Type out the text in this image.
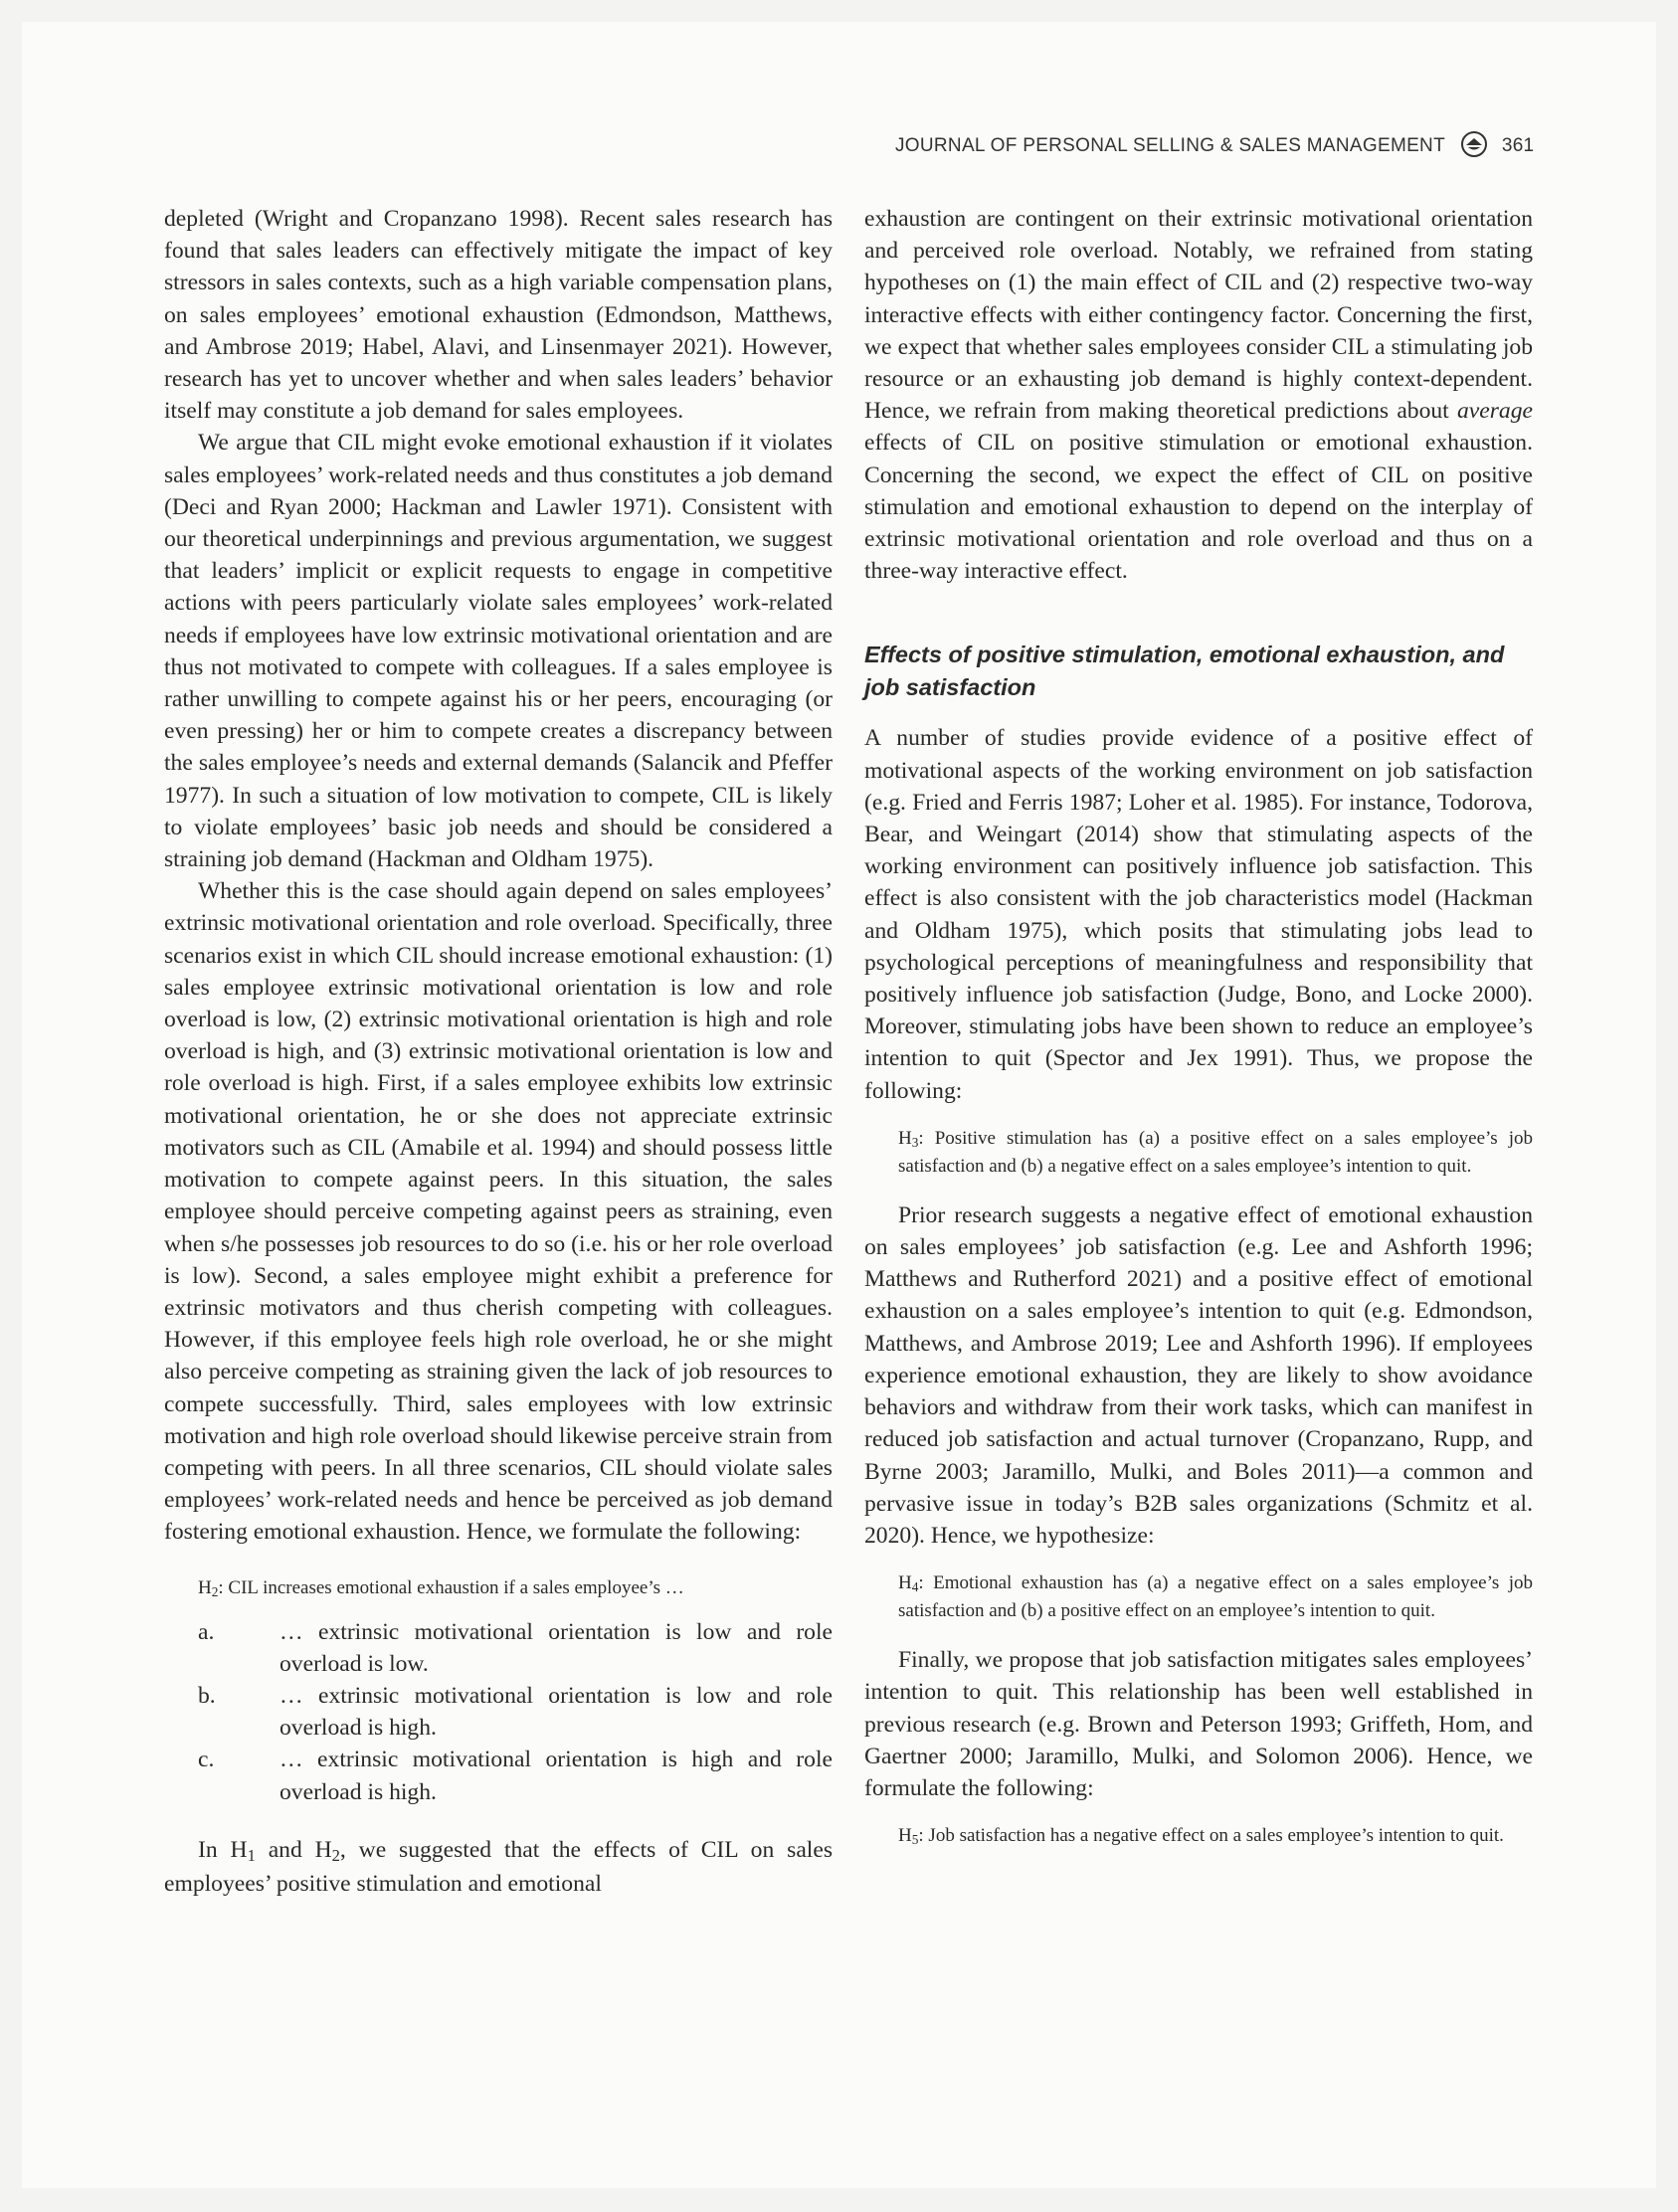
JOURNAL OF PERSONAL SELLING & SALES MANAGEMENT	361

depleted (Wright and Cropanzano 1998). Recent sales research has found that sales leaders can effectively mitigate the impact of key stressors in sales contexts, such as a high variable compensation plans, on sales employees’ emotional exhaustion (Edmondson, Matthews, and Ambrose 2019; Habel, Alavi, and Linsenmayer 2021). However, research has yet to uncover whether and when sales leaders’ behavior itself may constitute a job demand for sales employees.

We argue that CIL might evoke emotional exhaustion if it violates sales employees’ work-related needs and thus constitutes a job demand (Deci and Ryan 2000; Hackman and Lawler 1971). Consistent with our theoretical underpinnings and previous argumentation, we suggest that leaders’ implicit or explicit requests to engage in competitive actions with peers particularly violate sales employees’ work-related needs if employees have low extrinsic motivational orientation and are thus not motivated to compete with colleagues. If a sales employee is rather unwilling to compete against his or her peers, encouraging (or even pressing) her or him to compete creates a discrepancy between the sales employee’s needs and external demands (Salancik and Pfeffer 1977). In such a situation of low motivation to compete, CIL is likely to violate employees’ basic job needs and should be considered a straining job demand (Hackman and Oldham 1975).

Whether this is the case should again depend on sales employees’ extrinsic motivational orientation and role overload. Specifically, three scenarios exist in which CIL should increase emotional exhaustion: (1) sales employee extrinsic motivational orientation is low and role overload is low, (2) extrinsic motivational orientation is high and role overload is high, and (3) extrinsic motivational orientation is low and role overload is high. First, if a sales employee exhibits low extrinsic motivational orientation, he or she does not appreciate extrinsic motivators such as CIL (Amabile et al. 1994) and should possess little motivation to compete against peers. In this situation, the sales employee should perceive competing against peers as straining, even when s/he possesses job resources to do so (i.e. his or her role overload is low). Second, a sales employee might exhibit a preference for extrinsic motivators and thus cherish competing with colleagues. However, if this employee feels high role overload, he or she might also perceive competing as straining given the lack of job resources to compete successfully. Third, sales employees with low extrinsic motivation and high role overload should likewise perceive strain from competing with peers. In all three scenarios, CIL should violate sales employees’ work-related needs and hence be perceived as job demand fostering emotional exhaustion. Hence, we formulate the following:

H2: CIL increases emotional exhaustion if a sales employee’s …
a.	… extrinsic motivational orientation is low and role overload is low.
b.	… extrinsic motivational orientation is low and role overload is high.
c.	… extrinsic motivational orientation is high and role overload is high.

In H1 and H2, we suggested that the effects of CIL on sales employees’ positive stimulation and emotional

exhaustion are contingent on their extrinsic motivational orientation and perceived role overload. Notably, we refrained from stating hypotheses on (1) the main effect of CIL and (2) respective two-way interactive effects with either contingency factor. Concerning the first, we expect that whether sales employees consider CIL a stimulating job resource or an exhausting job demand is highly context-dependent. Hence, we refrain from making theoretical predictions about average effects of CIL on positive stimulation or emotional exhaustion. Concerning the second, we expect the effect of CIL on positive stimulation and emotional exhaustion to depend on the interplay of extrinsic motivational orientation and role overload and thus on a three-way interactive effect.

Effects of positive stimulation, emotional exhaustion, and job satisfaction

A number of studies provide evidence of a positive effect of motivational aspects of the working environment on job satisfaction (e.g. Fried and Ferris 1987; Loher et al. 1985). For instance, Todorova, Bear, and Weingart (2014) show that stimulating aspects of the working environment can positively influence job satisfaction. This effect is also consistent with the job characteristics model (Hackman and Oldham 1975), which posits that stimulating jobs lead to psychological perceptions of meaningfulness and responsibility that positively influence job satisfaction (Judge, Bono, and Locke 2000). Moreover, stimulating jobs have been shown to reduce an employee’s intention to quit (Spector and Jex 1991). Thus, we propose the following:

H3: Positive stimulation has (a) a positive effect on a sales employee’s job satisfaction and (b) a negative effect on a sales employee’s intention to quit.

Prior research suggests a negative effect of emotional exhaustion on sales employees’ job satisfaction (e.g. Lee and Ashforth 1996; Matthews and Rutherford 2021) and a positive effect of emotional exhaustion on a sales employee’s intention to quit (e.g. Edmondson, Matthews, and Ambrose 2019; Lee and Ashforth 1996). If employees experience emotional exhaustion, they are likely to show avoidance behaviors and withdraw from their work tasks, which can manifest in reduced job satisfaction and actual turnover (Cropanzano, Rupp, and Byrne 2003; Jaramillo, Mulki, and Boles 2011)—a common and pervasive issue in today’s B2B sales organizations (Schmitz et al. 2020). Hence, we hypothesize:

H4: Emotional exhaustion has (a) a negative effect on a sales employee’s job satisfaction and (b) a positive effect on an employee’s intention to quit.

Finally, we propose that job satisfaction mitigates sales employees’ intention to quit. This relationship has been well established in previous research (e.g. Brown and Peterson 1993; Griffeth, Hom, and Gaertner 2000; Jaramillo, Mulki, and Solomon 2006). Hence, we formulate the following:

H5: Job satisfaction has a negative effect on a sales employee’s intention to quit.
